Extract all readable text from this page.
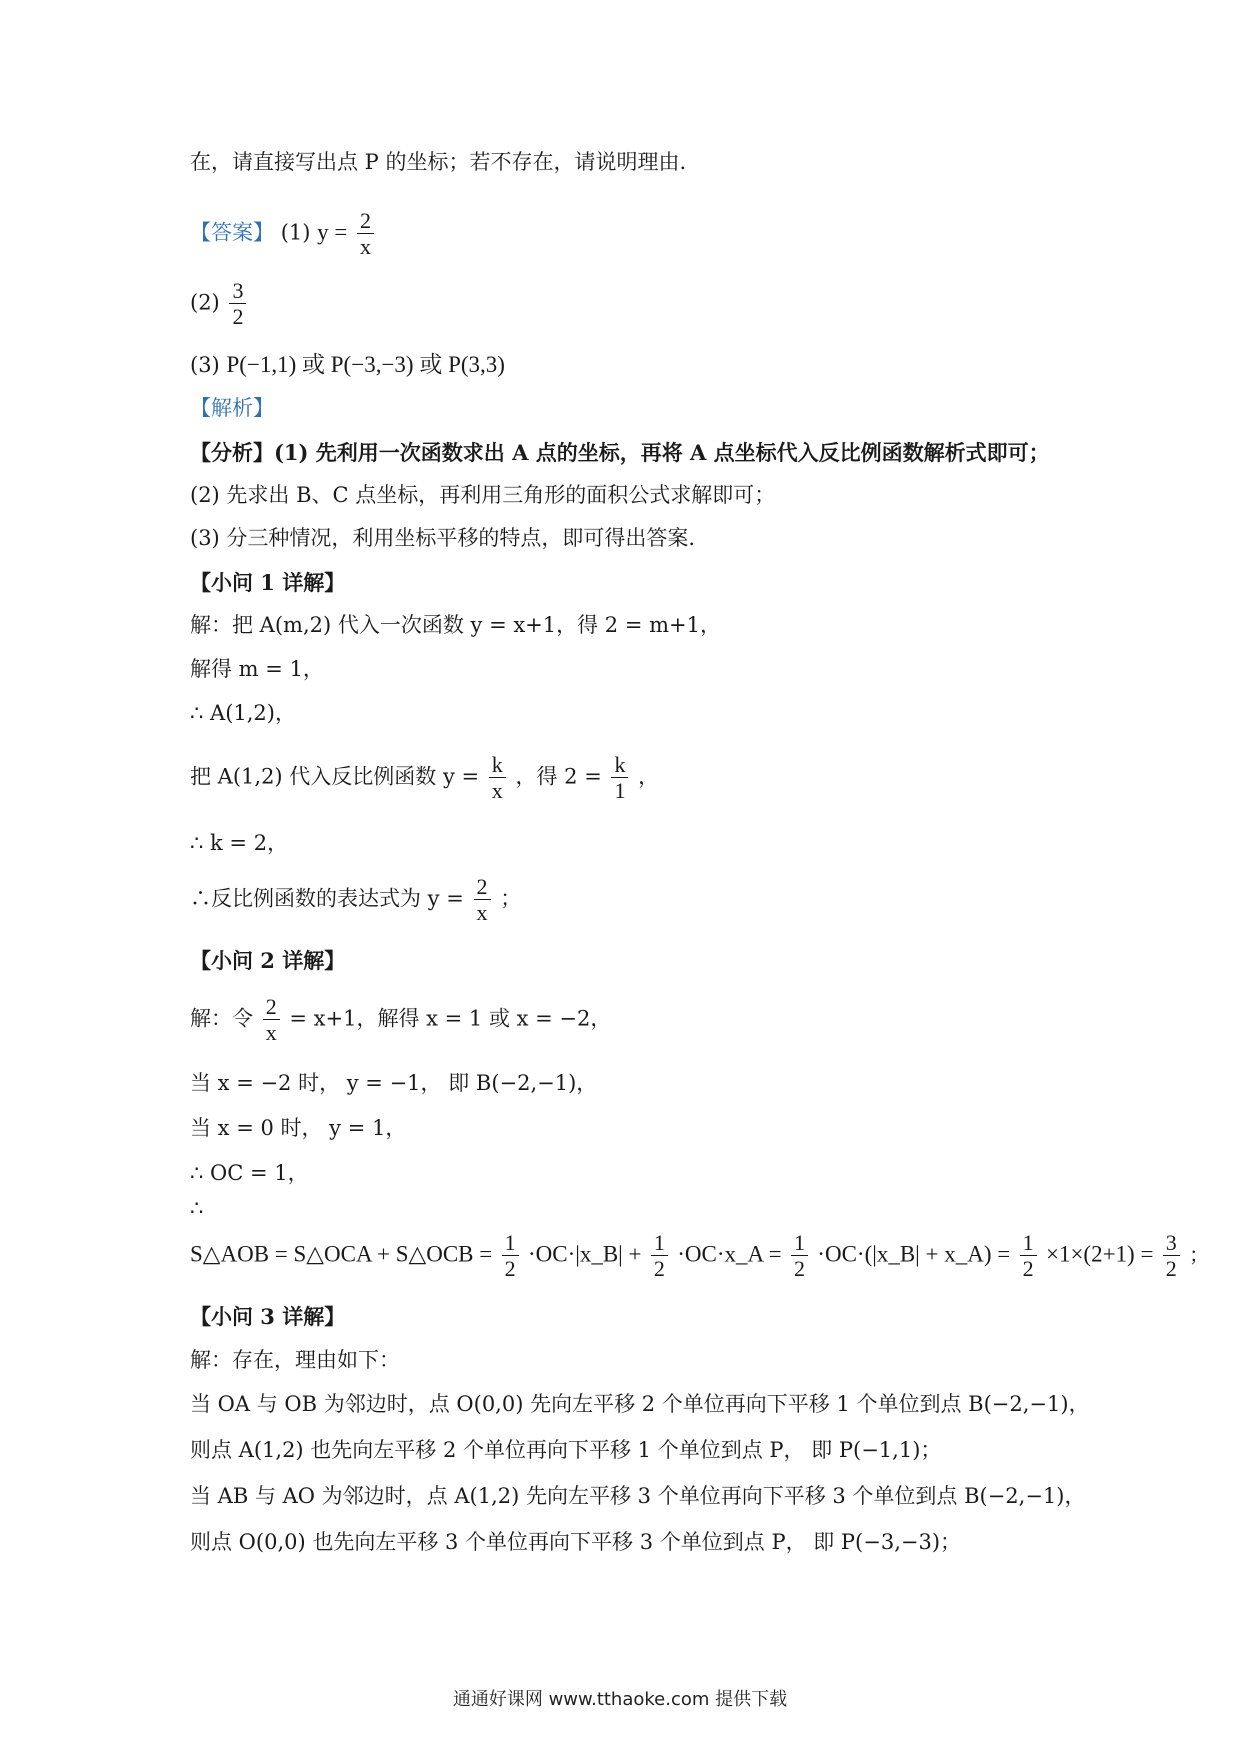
在，请直接写出点 P 的坐标；若不存在，请说明理由.
【答案】 (1) $y = \frac{2}{x}$
$(2) \frac{3}{2}$
(3) P(−1,1) 或 P(−3,−3) 或 P(3,3)
【解析】
【分析】(1) 先利用一次函数求出 A 点的坐标，再将 A 点坐标代入反比例函数解析式即可；
(2) 先求出 B、C 点坐标，再利用三角形的面积公式求解即可；
(3) 分三种情况，利用坐标平移的特点，即可得出答案.
【小问 1 详解】
解：把 A(m,2) 代入一次函数 y = x+1，得 2 = m+1，
解得 m = 1，
∴ A(1,2)，
把 A(1,2) 代入反比例函数 $y = \frac{k}{x}$ ，得 $2 = \frac{k}{1}$ ，
∴ k = 2，
∴反比例函数的表达式为 $y = \frac{2}{x}$ ；
【小问 2 详解】
解：令 $\frac{2}{x} = x+1$，解得 x = 1 或 x = −2，
当 x = −2 时， y = −1， 即 B(−2,−1)，
当 x = 0 时， y = 1，
∴ OC = 1，
∴
S△AOB = S△OCA + S△OCB = $\frac{1}{2}$ ·OC·|x_B| + $\frac{1}{2}$ ·OC·x_A = $\frac{1}{2}$ ·OC·(|x_B| + x_A) = $\frac{1}{2} \times 1\times(2+1) = \frac{3}{2}$ ；
【小问 3 详解】
解：存在，理由如下：
当 OA 与 OB 为邻边时，点 O(0,0) 先向左平移 2 个单位再向下平移 1 个单位到点 B(−2,−1)，
则点 A(1,2) 也先向左平移 2 个单位再向下平移 1 个单位到点 P， 即 P(−1,1)；
当 AB 与 AO 为邻边时，点 A(1,2) 先向左平移 3 个单位再向下平移 3 个单位到点 B(−2,−1)，
则点 O(0,0) 也先向左平移 3 个单位再向下平移 3 个单位到点 P， 即 P(−3,−3)；
通通好课网 www.tthaoke.com 提供下载
